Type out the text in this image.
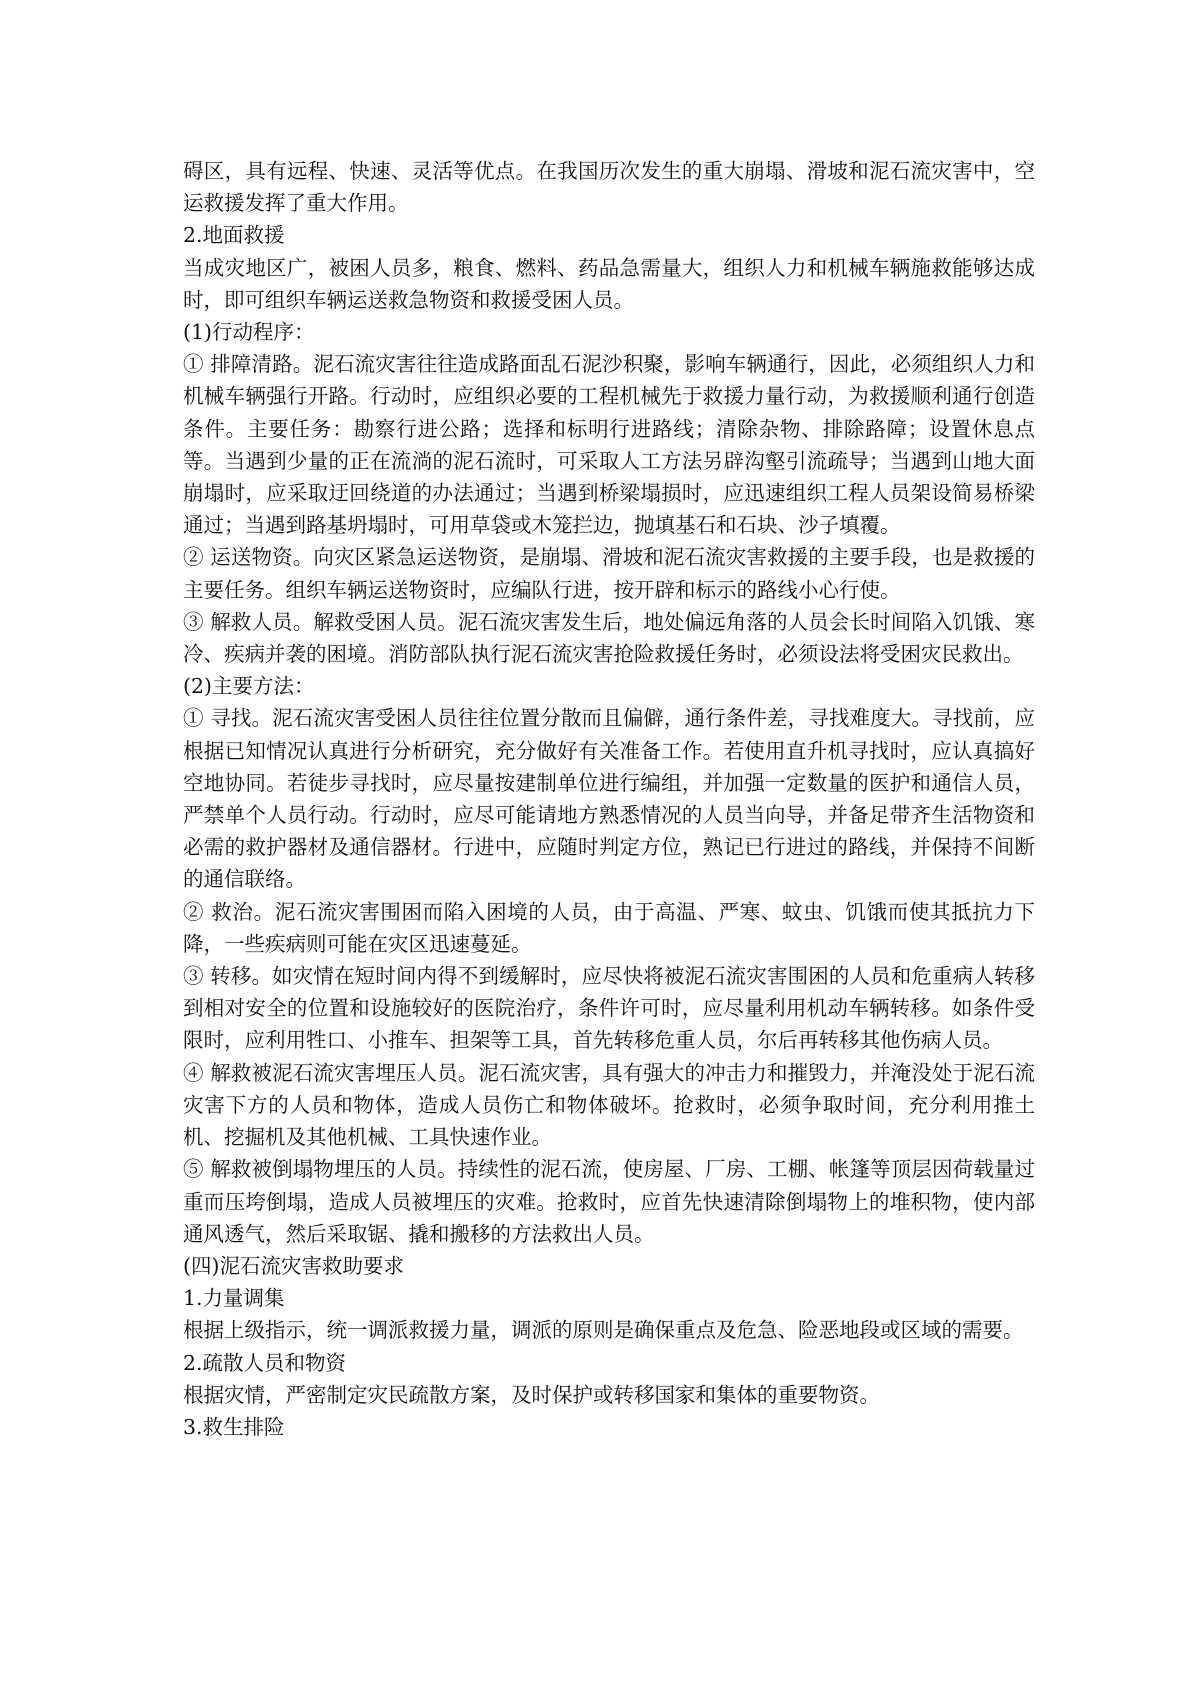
碍区，具有远程、快速、灵活等优点。在我国历次发生的重大崩塌、滑坡和泥石流灾害中，空运救援发挥了重大作用。

2.地面救援

当成灾地区广，被困人员多，粮食、燃料、药品急需量大，组织人力和机械车辆施救能够达成时，即可组织车辆运送救急物资和救援受困人员。

(1)行动程序：

① 排障清路。泥石流灾害往往造成路面乱石泥沙积聚，影响车辆通行，因此，必须组织人力和机械车辆强行开路。行动时，应组织必要的工程机械先于救援力量行动，为救援顺利通行创造条件。主要任务：勘察行进公路；选择和标明行进路线；清除杂物、排除路障；设置休息点等。当遇到少量的正在流淌的泥石流时，可采取人工方法另辟沟壑引流疏导；当遇到山地大面崩塌时，应采取迂回绕道的办法通过；当遇到桥梁塌损时，应迅速组织工程人员架设简易桥梁通过；当遇到路基坍塌时，可用草袋或木笼拦边，抛填基石和石块、沙子填覆。

② 运送物资。向灾区紧急运送物资，是崩塌、滑坡和泥石流灾害救援的主要手段，也是救援的主要任务。组织车辆运送物资时，应编队行进，按开辟和标示的路线小心行使。

③ 解救人员。解救受困人员。泥石流灾害发生后，地处偏远角落的人员会长时间陷入饥饿、寒冷、疾病并袭的困境。消防部队执行泥石流灾害抢险救援任务时，必须设法将受困灾民救出。

(2)主要方法：

① 寻找。泥石流灾害受困人员往往位置分散而且偏僻，通行条件差，寻找难度大。寻找前，应根据已知情况认真进行分析研究，充分做好有关准备工作。若使用直升机寻找时，应认真搞好空地协同。若徒步寻找时，应尽量按建制单位进行编组，并加强一定数量的医护和通信人员，严禁单个人员行动。行动时，应尽可能请地方熟悉情况的人员当向导，并备足带齐生活物资和必需的救护器材及通信器材。行进中，应随时判定方位，熟记已行进过的路线，并保持不间断的通信联络。

② 救治。泥石流灾害围困而陷入困境的人员，由于高温、严寒、蚊虫、饥饿而使其抵抗力下降，一些疾病则可能在灾区迅速蔓延。

③ 转移。如灾情在短时间内得不到缓解时，应尽快将被泥石流灾害围困的人员和危重病人转移到相对安全的位置和设施较好的医院治疗，条件许可时，应尽量利用机动车辆转移。如条件受限时，应利用牲口、小推车、担架等工具，首先转移危重人员，尔后再转移其他伤病人员。

④ 解救被泥石流灾害埋压人员。泥石流灾害，具有强大的冲击力和摧毁力，并淹没处于泥石流灾害下方的人员和物体，造成人员伤亡和物体破坏。抢救时，必须争取时间，充分利用推土机、挖掘机及其他机械、工具快速作业。

⑤ 解救被倒塌物埋压的人员。持续性的泥石流，使房屋、厂房、工棚、帐篷等顶层因荷载量过重而压垮倒塌，造成人员被埋压的灾难。抢救时，应首先快速清除倒塌物上的堆积物，使内部通风透气，然后采取锯、撬和搬移的方法救出人员。

(四)泥石流灾害救助要求

1.力量调集

根据上级指示，统一调派救援力量，调派的原则是确保重点及危急、险恶地段或区域的需要。

2.疏散人员和物资

根据灾情，严密制定灾民疏散方案，及时保护或转移国家和集体的重要物资。

3.救生排险
